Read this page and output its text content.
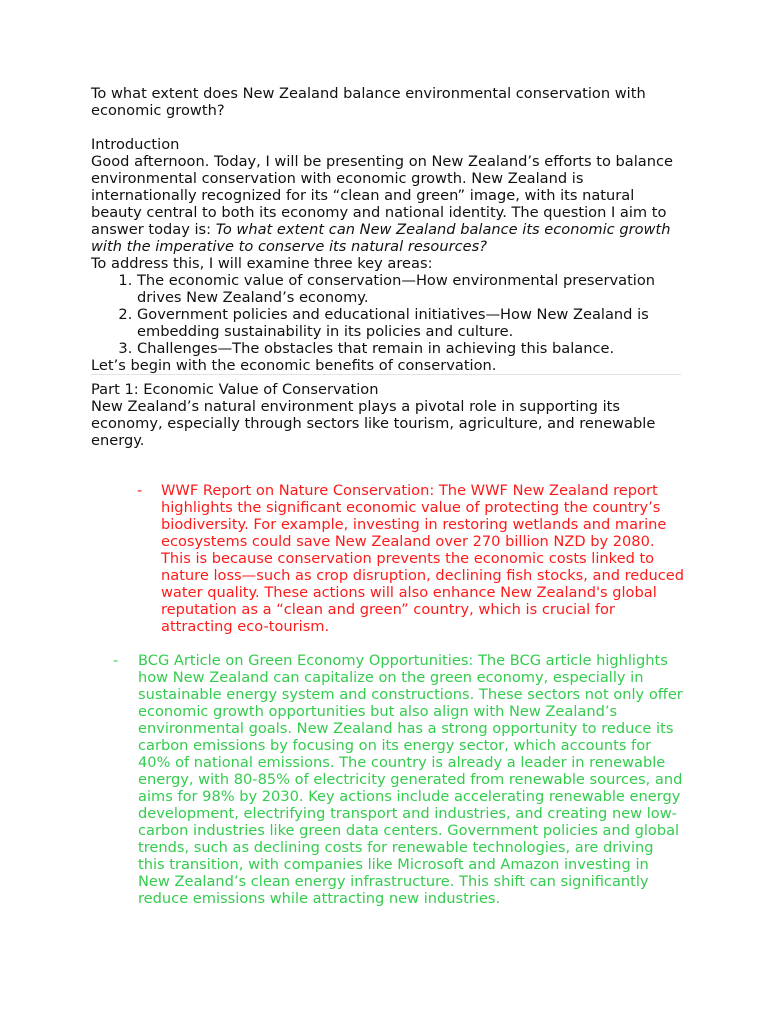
To what extent does New Zealand balance environmental conservation with economic growth?

Introduction

Good afternoon. Today, I will be presenting on New Zealand’s efforts to balance environmental conservation with economic growth. New Zealand is internationally recognized for its “clean and green” image, with its natural beauty central to both its economy and national identity. The question I aim to answer today is: To what extent can New Zealand balance its economic growth with the imperative to conserve its natural resources?

To address this, I will examine three key areas:

1. The economic value of conservation—How environmental preservation drives New Zealand’s economy.
2. Government policies and educational initiatives—How New Zealand is embedding sustainability in its policies and culture.
3. Challenges—The obstacles that remain in achieving this balance.

Let’s begin with the economic benefits of conservation.

Part 1: Economic Value of Conservation

New Zealand’s natural environment plays a pivotal role in supporting its economy, especially through sectors like tourism, agriculture, and renewable energy.

- WWF Report on Nature Conservation: The WWF New Zealand report highlights the significant economic value of protecting the country’s biodiversity. For example, investing in restoring wetlands and marine ecosystems could save New Zealand over 270 billion NZD by 2080. This is because conservation prevents the economic costs linked to nature loss—such as crop disruption, declining fish stocks, and reduced water quality. These actions will also enhance New Zealand's global reputation as a “clean and green” country, which is crucial for attracting eco-tourism.

- BCG Article on Green Economy Opportunities: The BCG article highlights how New Zealand can capitalize on the green economy, especially in sustainable energy system and constructions. These sectors not only offer economic growth opportunities but also align with New Zealand’s environmental goals. New Zealand has a strong opportunity to reduce its carbon emissions by focusing on its energy sector, which accounts for 40% of national emissions. The country is already a leader in renewable energy, with 80-85% of electricity generated from renewable sources, and aims for 98% by 2030. Key actions include accelerating renewable energy development, electrifying transport and industries, and creating new low-carbon industries like green data centers. Government policies and global trends, such as declining costs for renewable technologies, are driving this transition, with companies like Microsoft and Amazon investing in New Zealand’s clean energy infrastructure. This shift can significantly reduce emissions while attracting new industries.
